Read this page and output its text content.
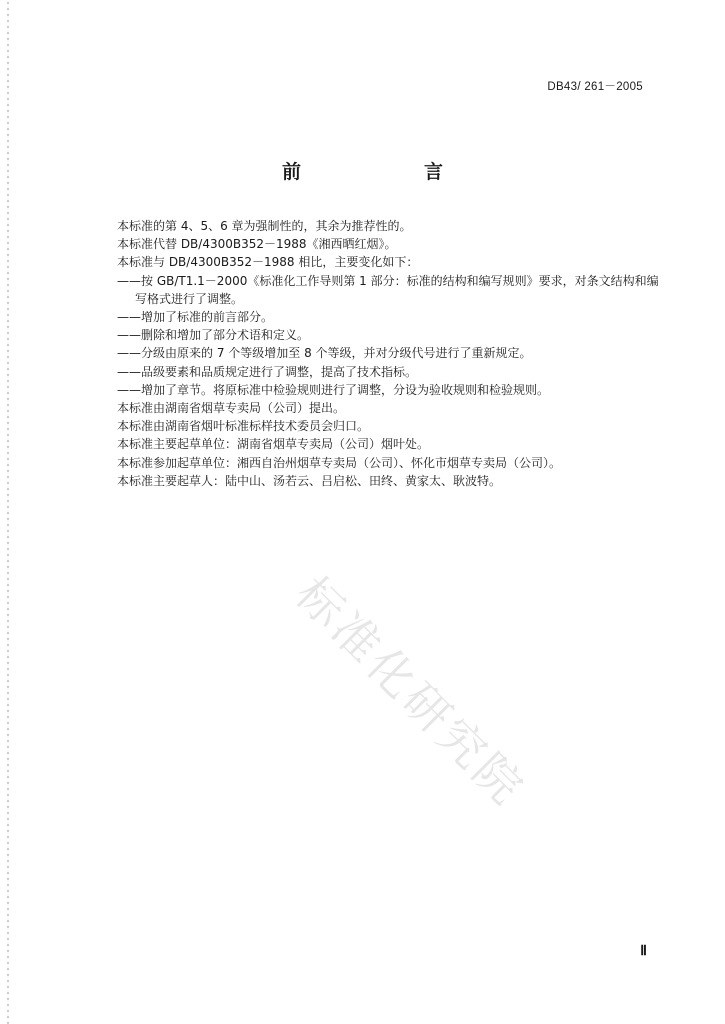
DB43/ 261－2005
前　言

本标准的第 4、5、6 章为强制性的，其余为推荐性的。

本标准代替 DB/4300B352－1988《湘西晒红烟》。

本标准与 DB/4300B352－1988 相比，主要变化如下：

——按 GB/T1.1－2000《标准化工作导则第 1 部分：标准的结构和编写规则》要求，对条文结构和编

写格式进行了调整。

——增加了标准的前言部分。

——删除和增加了部分术语和定义。

——分级由原来的 7 个等级增加至 8 个等级，并对分级代号进行了重新规定。

——品级要素和品质规定进行了调整，提高了技术指标。

——增加了章节。将原标准中检验规则进行了调整，分设为验收规则和检验规则。

本标准由湖南省烟草专卖局（公司）提出。

本标准由湖南省烟叶标准标样技术委员会归口。

本标准主要起草单位：湖南省烟草专卖局（公司）烟叶处。

本标准参加起草单位：湘西自治州烟草专卖局（公司）、怀化市烟草专卖局（公司）。

本标准主要起草人：陆中山、汤若云、吕启松、田终、黄家太、耿波特。

标准化研究院
Ⅱ
